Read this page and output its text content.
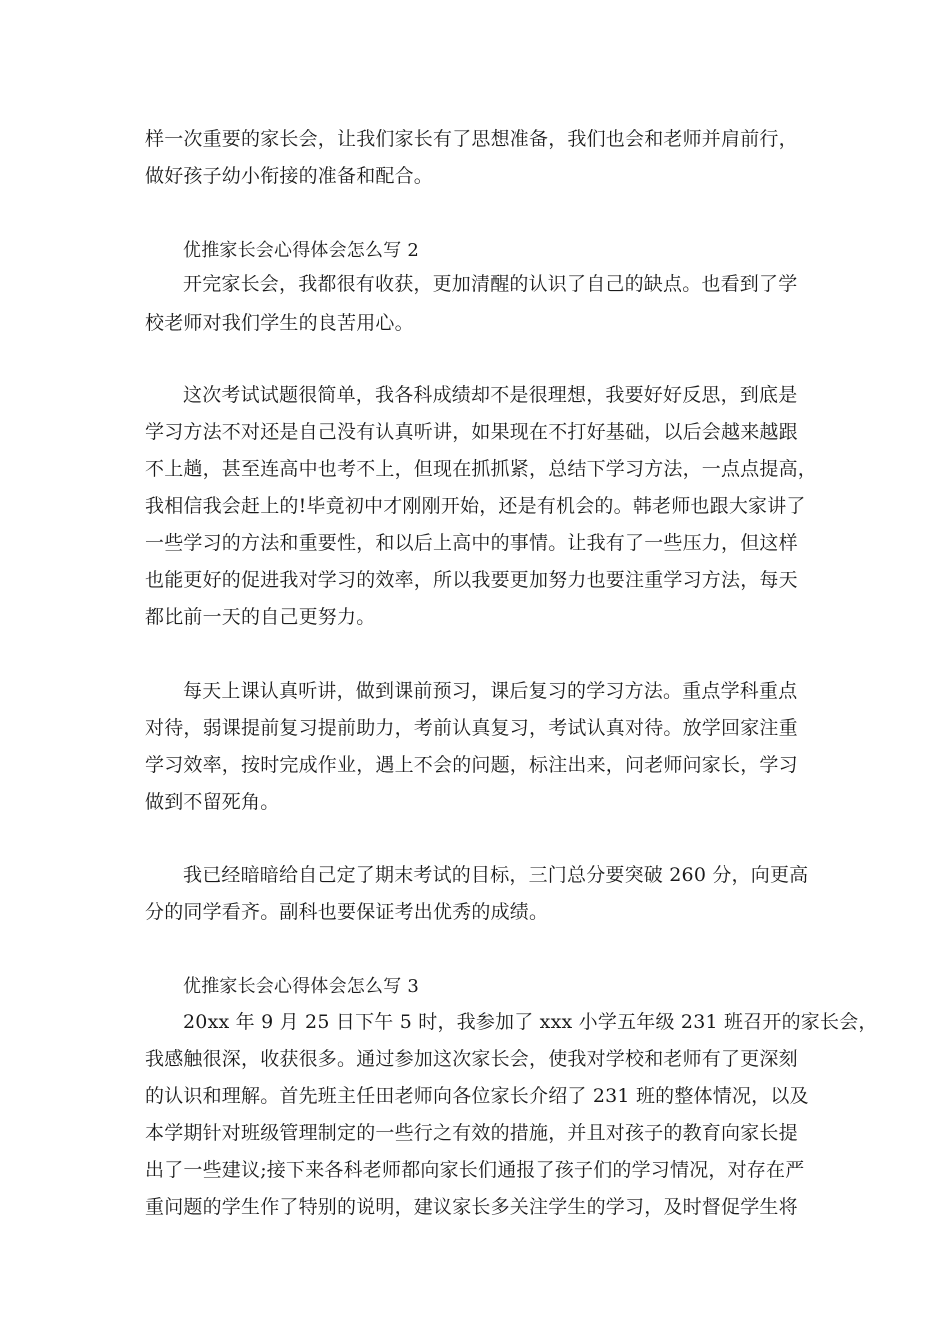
样一次重要的家长会，让我们家长有了思想准备，我们也会和老师并肩前行，
做好孩子幼小衔接的准备和配合。
优推家长会心得体会怎么写 2
开完家长会，我都很有收获，更加清醒的认识了自己的缺点。也看到了学
校老师对我们学生的良苦用心。
这次考试试题很简单，我各科成绩却不是很理想，我要好好反思，到底是
学习方法不对还是自己没有认真听讲，如果现在不打好基础，以后会越来越跟
不上趟，甚至连高中也考不上，但现在抓抓紧，总结下学习方法，一点点提高，
我相信我会赶上的!毕竟初中才刚刚开始，还是有机会的。韩老师也跟大家讲了
一些学习的方法和重要性，和以后上高中的事情。让我有了一些压力，但这样
也能更好的促进我对学习的效率，所以我要更加努力也要注重学习方法，每天
都比前一天的自己更努力。
每天上课认真听讲，做到课前预习，课后复习的学习方法。重点学科重点
对待，弱课提前复习提前助力，考前认真复习，考试认真对待。放学回家注重
学习效率，按时完成作业，遇上不会的问题，标注出来，问老师问家长，学习
做到不留死角。
我已经暗暗给自己定了期末考试的目标，三门总分要突破 260 分，向更高
分的同学看齐。副科也要保证考出优秀的成绩。
优推家长会心得体会怎么写 3
20xx 年 9 月 25 日下午 5 时，我参加了 xxx 小学五年级 231 班召开的家长会，
我感触很深，收获很多。通过参加这次家长会，使我对学校和老师有了更深刻
的认识和理解。首先班主任田老师向各位家长介绍了 231 班的整体情况，以及
本学期针对班级管理制定的一些行之有效的措施，并且对孩子的教育向家长提
出了一些建议;接下来各科老师都向家长们通报了孩子们的学习情况，对存在严
重问题的学生作了特别的说明，建议家长多关注学生的学习，及时督促学生将
